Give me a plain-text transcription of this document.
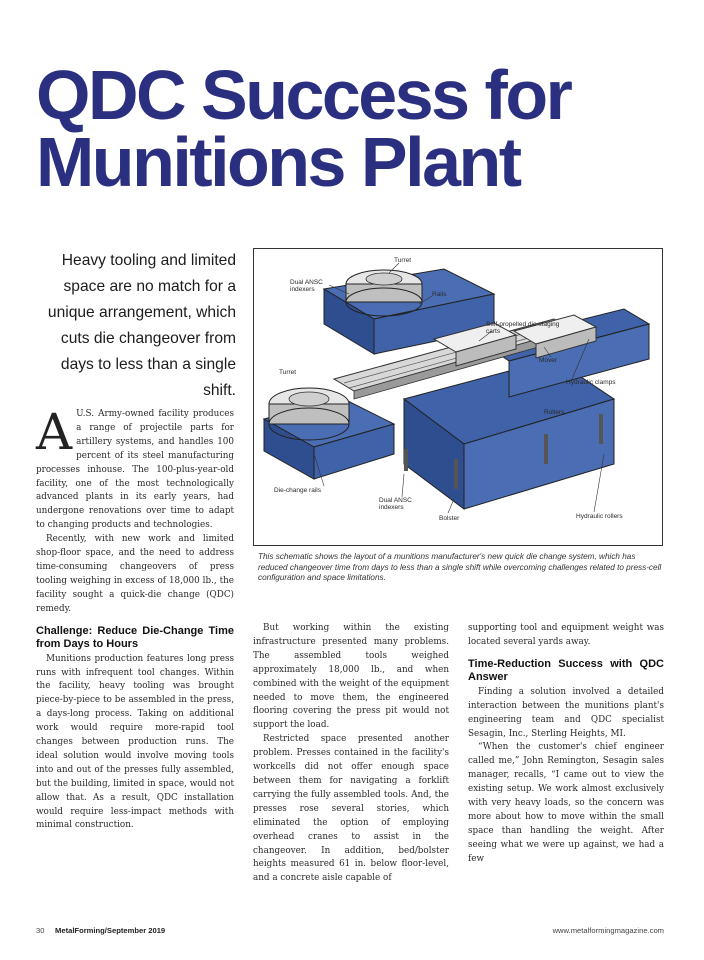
QDC Success for Munitions Plant
Heavy tooling and limited space are no match for a unique arrangement, which cuts die changeover from days to less than a single shift.
Turret
Dual ANSC indexers
Rails
Self-propelled die staging carts
Mover
Hydraulic clamps
Rollers
Turret
Die-change rails
Bolster
Dual ANSC indexers
Hydraulic rollers
This schematic shows the layout of a munitions manufacturer's new quick die change system, which has reduced changeover time from days to less than a single shift while overcoming challenges related to press-cell configuration and space limitations.

A U.S. Army-owned facility produces a range of projectile parts for artillery systems, and handles 100 percent of its steel manufacturing processes inhouse. The 100-plus-year-old facility, one of the most technologically advanced plants in its early years, had undergone renovations over time to adapt to changing products and technologies.

Recently, with new work and limited shop-floor space, and the need to address time-consuming changeovers of press tooling weighing in excess of 18,000 lb., the facility sought a quick-die change (QDC) remedy.

Challenge: Reduce Die-Change Time from Days to Hours

Munitions production features long press runs with infrequent tool changes. Within the facility, heavy tooling was brought piece-by-piece to be assembled in the press, a days-long process. Taking on additional work would require more-rapid tool changes between production runs. The ideal solution would involve moving tools into and out of the presses fully assembled, but the building, limited in space, would not allow that. As a result, QDC installation would require less-impact methods with minimal construction.

But working within the existing infrastructure presented many problems. The assembled tools weighed approximately 18,000 lb., and when combined with the weight of the equipment needed to move them, the engineered flooring covering the press pit would not support the load.

Restricted space presented another problem. Presses contained in the facility's workcells did not offer enough space between them for navigating a forklift carrying the fully assembled tools. And, the presses rose several stories, which eliminated the option of employing overhead cranes to assist in the changeover. In addition, bed/bolster heights measured 61 in. below floor-level, and a concrete aisle capable of

supporting tool and equipment weight was located several yards away.

Time-Reduction Success with QDC Answer

Finding a solution involved a detailed interaction between the munitions plant's engineering team and QDC specialist Sesagin, Inc., Sterling Heights, MI.

“When the customer's chief engineer called me,” John Remington, Sesagin sales manager, recalls, “I came out to view the existing setup. We work almost exclusively with very heavy loads, so the concern was more about how to move within the small space than handling the weight. After seeing what we were up against, we had a few

30 MetalForming/September 2019	www.metalformingmagazine.com
